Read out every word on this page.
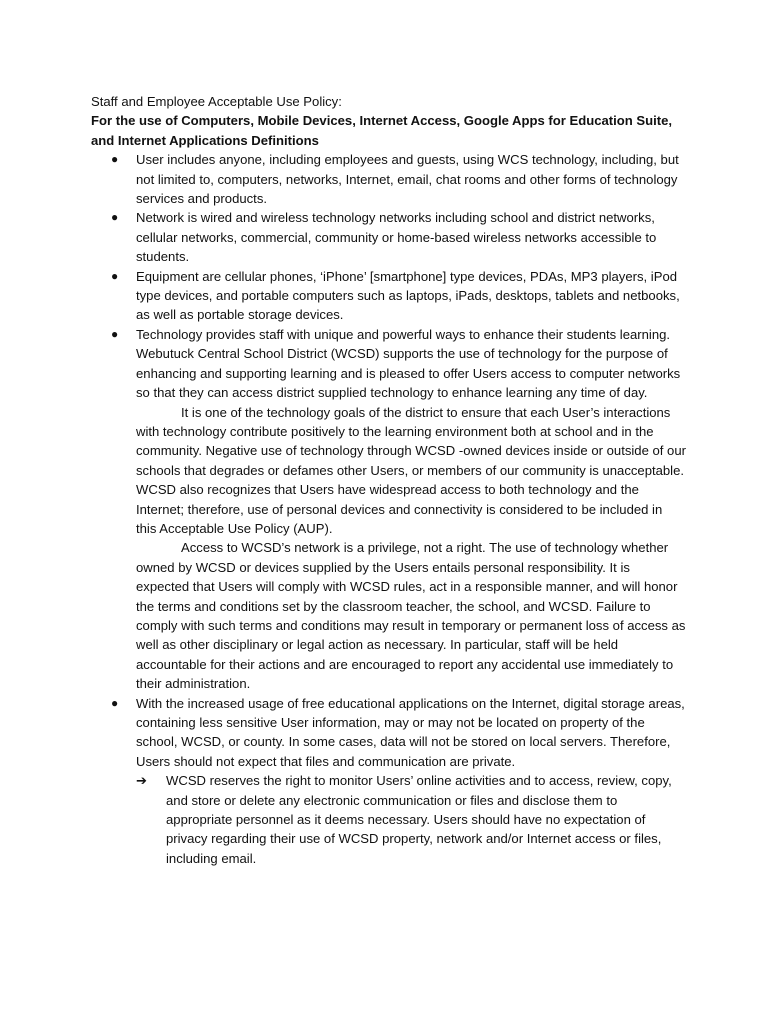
Staff and Employee Acceptable Use Policy:

For the use of Computers, Mobile Devices, Internet Access, Google Apps for Education Suite, and Internet Applications Definitions

● User includes anyone, including employees and guests, using WCS technology, including, but not limited to, computers, networks, Internet, email, chat rooms and other forms of technology services and products.

● Network is wired and wireless technology networks including school and district networks, cellular networks, commercial, community or home-based wireless networks accessible to students.

● Equipment are cellular phones, ‘iPhone’ [smartphone] type devices, PDAs, MP3 players, iPod type devices, and portable computers such as laptops, iPads, desktops, tablets and netbooks, as well as portable storage devices.

● Technology provides staff with unique and powerful ways to enhance their students learning. Webutuck Central School District (WCSD) supports the use of technology for the purpose of enhancing and supporting learning and is pleased to offer Users access to computer networks so that they can access district supplied technology to enhance learning any time of day.

It is one of the technology goals of the district to ensure that each User’s interactions with technology contribute positively to the learning environment both at school and in the community. Negative use of technology through WCSD -owned devices inside or outside of our schools that degrades or defames other Users, or members of our community is unacceptable. WCSD also recognizes that Users have widespread access to both technology and the Internet; therefore, use of personal devices and connectivity is considered to be included in this Acceptable Use Policy (AUP).

Access to WCSD’s network is a privilege, not a right. The use of technology whether owned by WCSD or devices supplied by the Users entails personal responsibility. It is expected that Users will comply with WCSD rules, act in a responsible manner, and will honor the terms and conditions set by the classroom teacher, the school, and WCSD. Failure to comply with such terms and conditions may result in temporary or permanent loss of access as well as other disciplinary or legal action as necessary. In particular, staff will be held accountable for their actions and are encouraged to report any accidental use immediately to their administration.

● With the increased usage of free educational applications on the Internet, digital storage areas, containing less sensitive User information, may or may not be located on property of the school, WCSD, or county. In some cases, data will not be stored on local servers. Therefore, Users should not expect that files and communication are private.

➔ WCSD reserves the right to monitor Users’ online activities and to access, review, copy, and store or delete any electronic communication or files and disclose them to appropriate personnel as it deems necessary. Users should have no expectation of privacy regarding their use of WCSD property, network and/or Internet access or files, including email.
